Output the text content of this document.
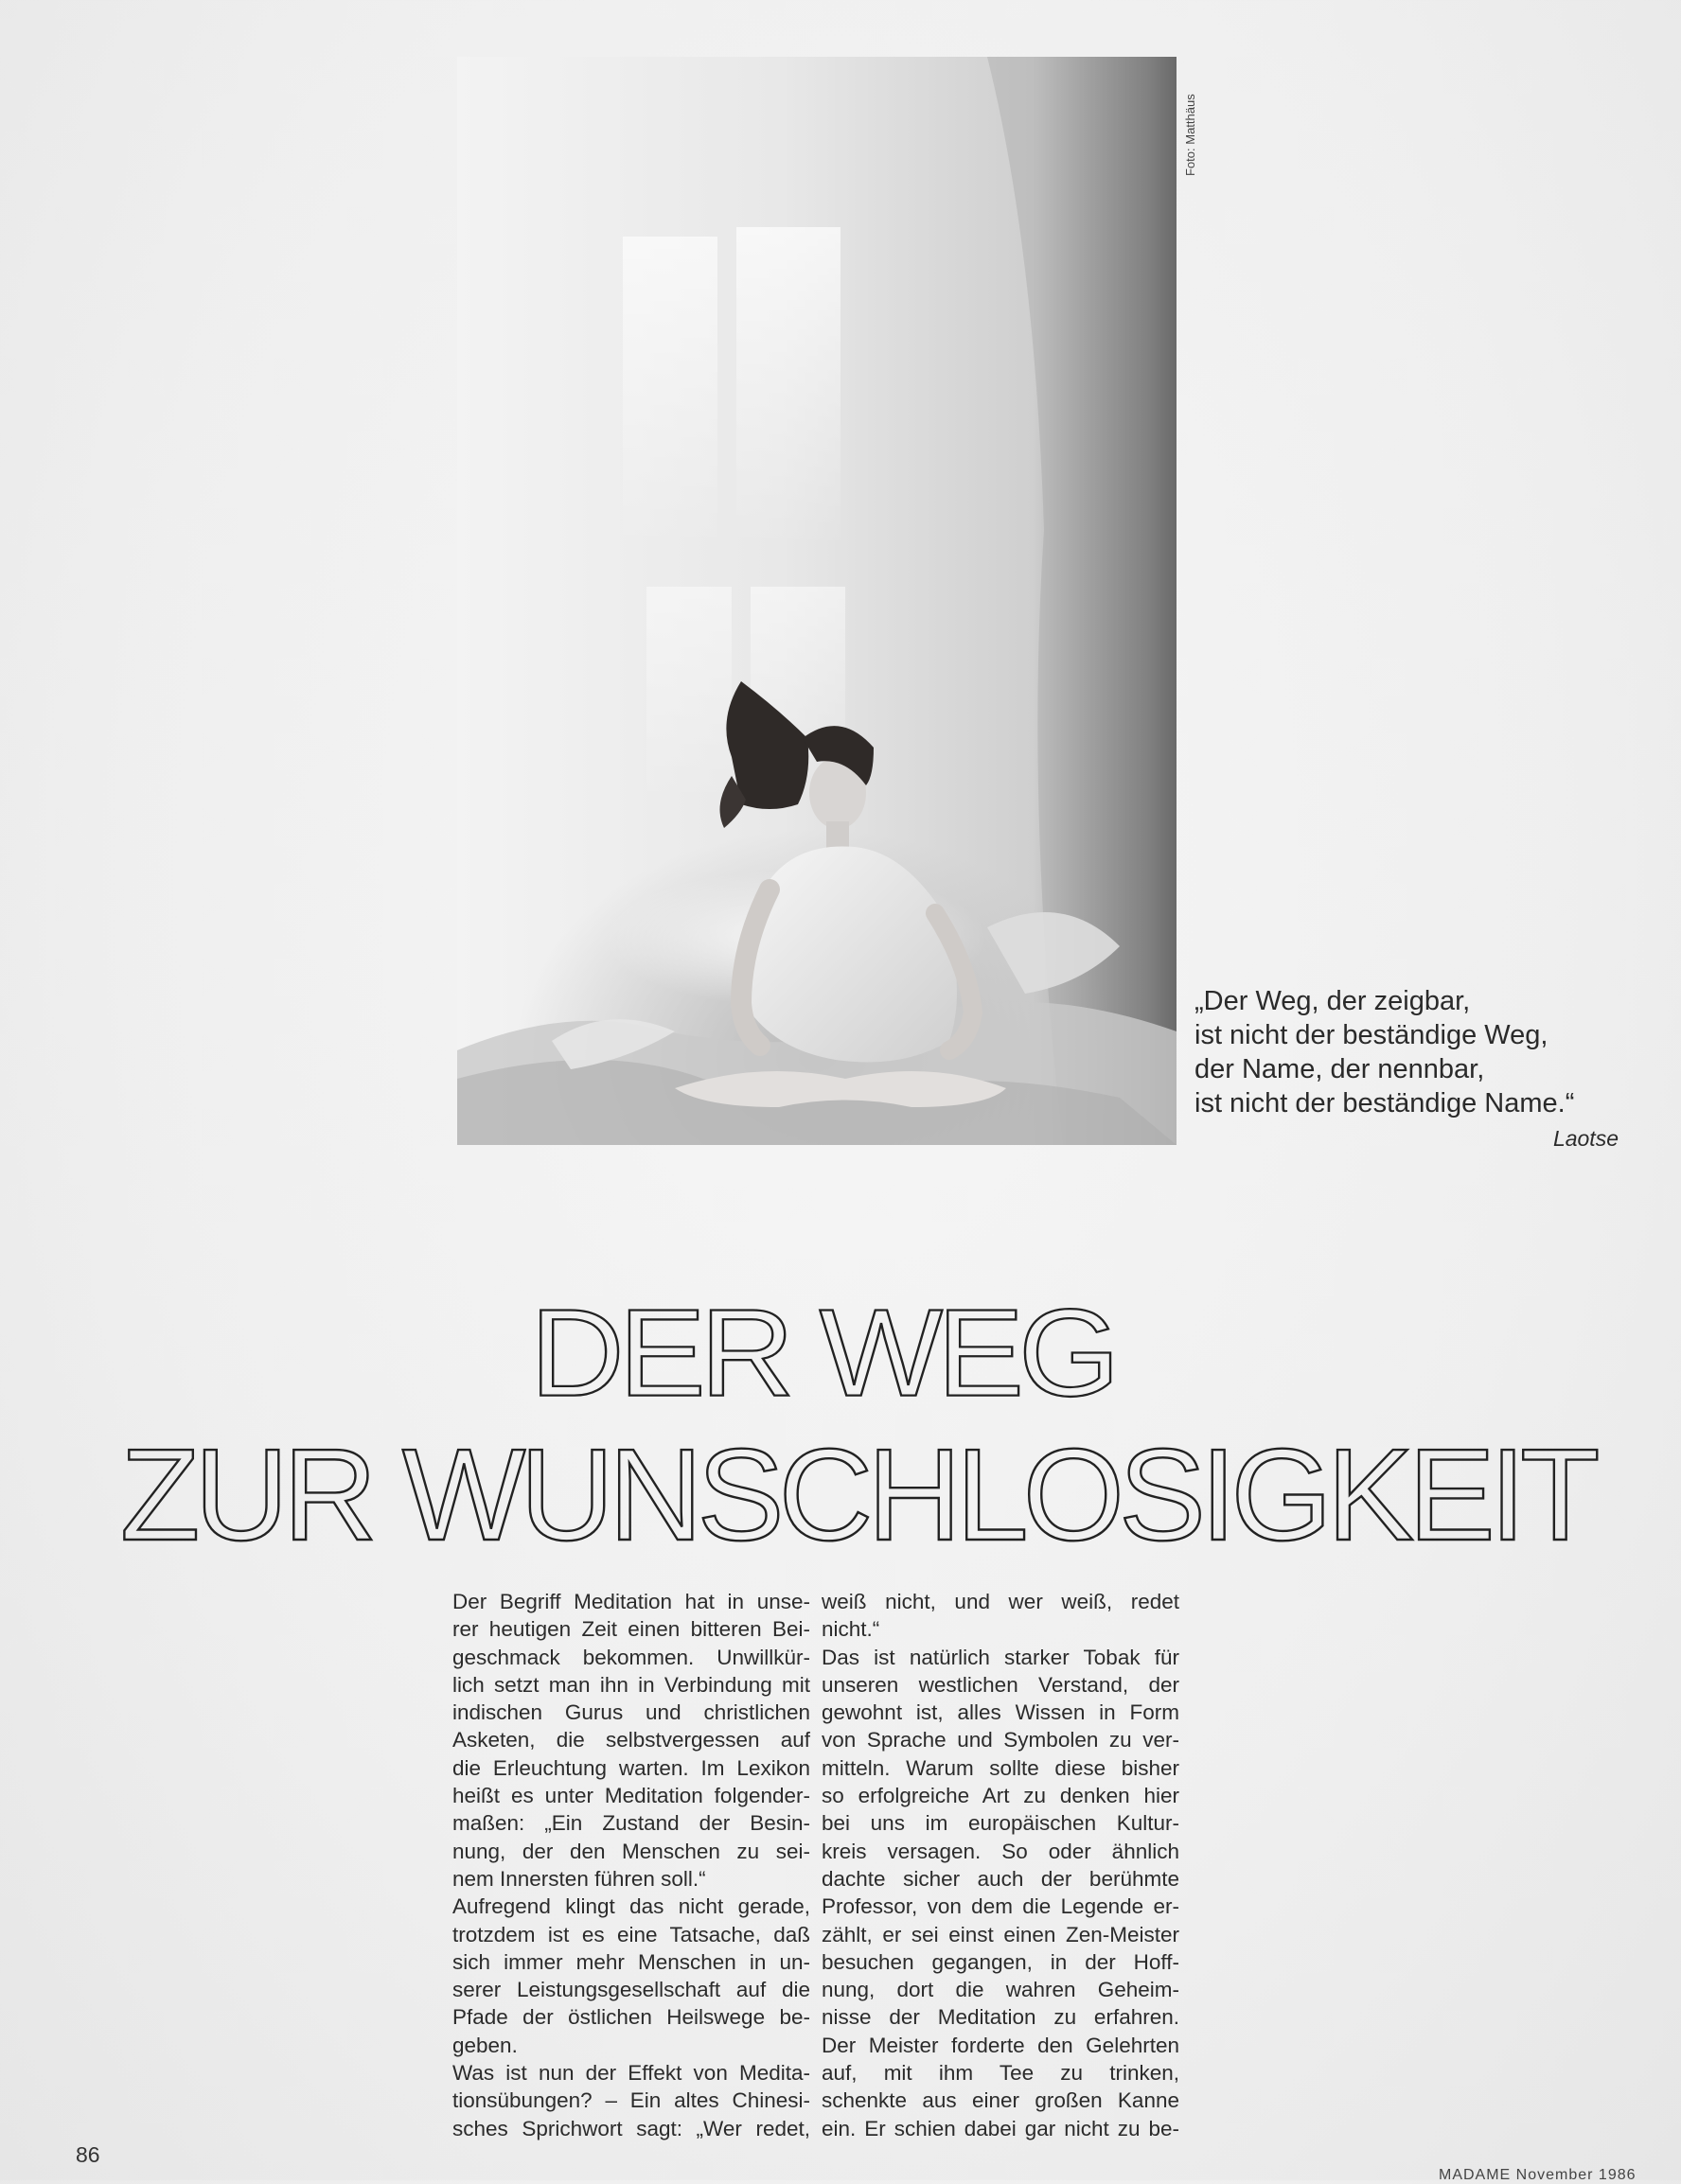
Foto: Matthäus
„Der Weg, der zeigbar,
ist nicht der beständige Weg,
der Name, der nennbar,
ist nicht der beständige Name.“
Laotse
DER WEG
ZUR WUNSCHLOSIGKEIT
Der Begriff Meditation hat in unse-
rer heutigen Zeit einen bitteren Bei-
geschmack bekommen. Unwillkür-
lich setzt man ihn in Verbindung mit
indischen Gurus und christlichen
Asketen, die selbstvergessen auf
die Erleuchtung warten. Im Lexikon
heißt es unter Meditation folgender-
maßen: „Ein Zustand der Besin-
nung, der den Menschen zu sei-
nem Innersten führen soll.“
Aufregend klingt das nicht gerade,
trotzdem ist es eine Tatsache, daß
sich immer mehr Menschen in un-
serer Leistungsgesellschaft auf die
Pfade der östlichen Heilswege be-
geben.
Was ist nun der Effekt von Medita-
tionsübungen? – Ein altes Chinesi-
sches Sprichwort sagt: „Wer redet,
weiß nicht, und wer weiß, redet
nicht.“
Das ist natürlich starker Tobak für
unseren westlichen Verstand, der
gewohnt ist, alles Wissen in Form
von Sprache und Symbolen zu ver-
mitteln. Warum sollte diese bisher
so erfolgreiche Art zu denken hier
bei uns im europäischen Kultur-
kreis versagen. So oder ähnlich
dachte sicher auch der berühmte
Professor, von dem die Legende er-
zählt, er sei einst einen Zen-Meister
besuchen gegangen, in der Hoff-
nung, dort die wahren Geheim-
nisse der Meditation zu erfahren.
Der Meister forderte den Gelehrten
auf, mit ihm Tee zu trinken,
schenkte aus einer großen Kanne
ein. Er schien dabei gar nicht zu be-
86
MADAME November 1986
